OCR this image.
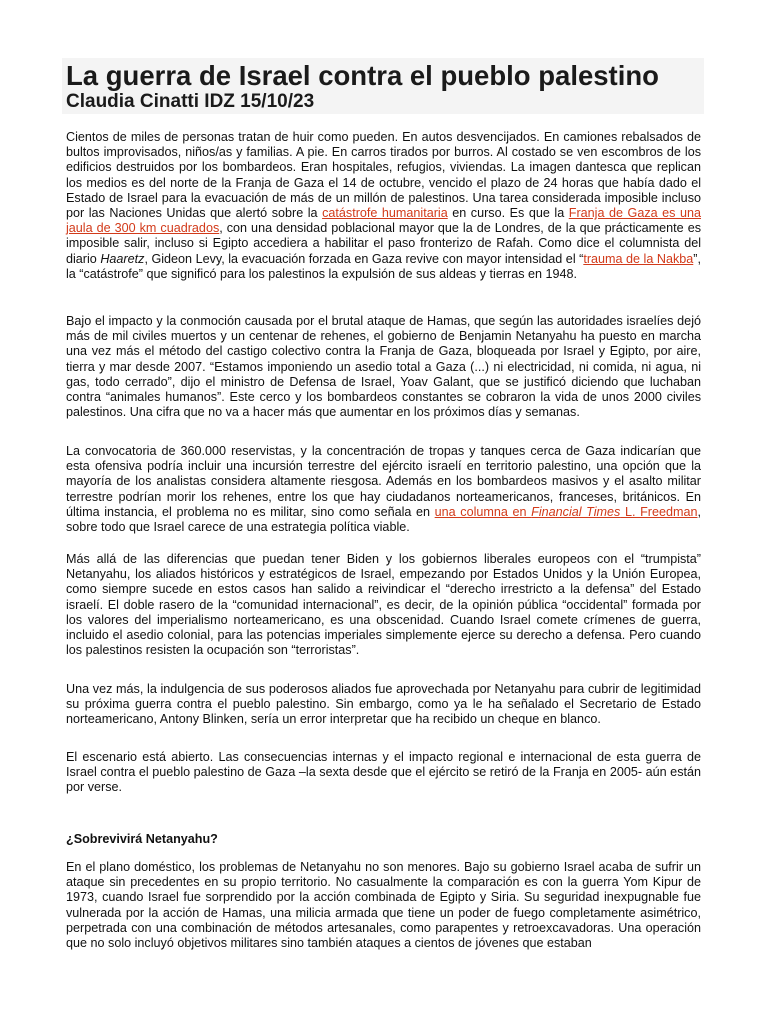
La guerra de Israel contra el pueblo palestino
Claudia Cinatti IDZ 15/10/23

Cientos de miles de personas tratan de huir como pueden. En autos desvencijados. En camiones rebalsados de bultos improvisados, niños/as y familias. A pie. En carros tirados por burros. Al costado se ven escombros de los edificios destruidos por los bombardeos. Eran hospitales, refugios, viviendas. La imagen dantesca que replican los medios es del norte de la Franja de Gaza el 14 de octubre, vencido el plazo de 24 horas que había dado el Estado de Israel para la evacuación de más de un millón de palestinos. Una tarea considerada imposible incluso por las Naciones Unidas que alertó sobre la catástrofe humanitaria en curso. Es que la Franja de Gaza es una jaula de 300 km cuadrados, con una densidad poblacional mayor que la de Londres, de la que prácticamente es imposible salir, incluso si Egipto accediera a habilitar el paso fronterizo de Rafah. Como dice el columnista del diario Haaretz, Gideon Levy, la evacuación forzada en Gaza revive con mayor intensidad el “trauma de la Nakba”, la “catástrofe” que significó para los palestinos la expulsión de sus aldeas y tierras en 1948.

Bajo el impacto y la conmoción causada por el brutal ataque de Hamas, que según las autoridades israelíes dejó más de mil civiles muertos y un centenar de rehenes, el gobierno de Benjamin Netanyahu ha puesto en marcha una vez más el método del castigo colectivo contra la Franja de Gaza, bloqueada por Israel y Egipto, por aire, tierra y mar desde 2007. “Estamos imponiendo un asedio total a Gaza (...) ni electricidad, ni comida, ni agua, ni gas, todo cerrado”, dijo el ministro de Defensa de Israel, Yoav Galant, que se justificó diciendo que luchaban contra “animales humanos”. Este cerco y los bombardeos constantes se cobraron la vida de unos 2000 civiles palestinos. Una cifra que no va a hacer más que aumentar en los próximos días y semanas.

La convocatoria de 360.000 reservistas, y la concentración de tropas y tanques cerca de Gaza indicarían que esta ofensiva podría incluir una incursión terrestre del ejército israelí en territorio palestino, una opción que la mayoría de los analistas considera altamente riesgosa. Además en los bombardeos masivos y el asalto militar terrestre podrían morir los rehenes, entre los que hay ciudadanos norteamericanos, franceses, británicos. En última instancia, el problema no es militar, sino como señala en una columna en Financial Times L. Freedman, sobre todo que Israel carece de una estrategia política viable.

Más allá de las diferencias que puedan tener Biden y los gobiernos liberales europeos con el “trumpista” Netanyahu, los aliados históricos y estratégicos de Israel, empezando por Estados Unidos y la Unión Europea, como siempre sucede en estos casos han salido a reivindicar el “derecho irrestricto a la defensa” del Estado israelí. El doble rasero de la “comunidad internacional”, es decir, de la opinión pública “occidental” formada por los valores del imperialismo norteamericano, es una obscenidad. Cuando Israel comete crímenes de guerra, incluido el asedio colonial, para las potencias imperiales simplemente ejerce su derecho a defensa. Pero cuando los palestinos resisten la ocupación son “terroristas”.

Una vez más, la indulgencia de sus poderosos aliados fue aprovechada por Netanyahu para cubrir de legitimidad su próxima guerra contra el pueblo palestino. Sin embargo, como ya le ha señalado el Secretario de Estado norteamericano, Antony Blinken, sería un error interpretar que ha recibido un cheque en blanco.

El escenario está abierto. Las consecuencias internas y el impacto regional e internacional de esta guerra de Israel contra el pueblo palestino de Gaza –la sexta desde que el ejército se retiró de la Franja en 2005- aún están por verse.

¿Sobrevivirá Netanyahu?

En el plano doméstico, los problemas de Netanyahu no son menores. Bajo su gobierno Israel acaba de sufrir un ataque sin precedentes en su propio territorio. No casualmente la comparación es con la guerra Yom Kipur de 1973, cuando Israel fue sorprendido por la acción combinada de Egipto y Siria. Su seguridad inexpugnable fue vulnerada por la acción de Hamas, una milicia armada que tiene un poder de fuego completamente asimétrico, perpetrada con una combinación de métodos artesanales, como parapentes y retroexcavadoras. Una operación que no solo incluyó objetivos militares sino también ataques a cientos de jóvenes que estaban
